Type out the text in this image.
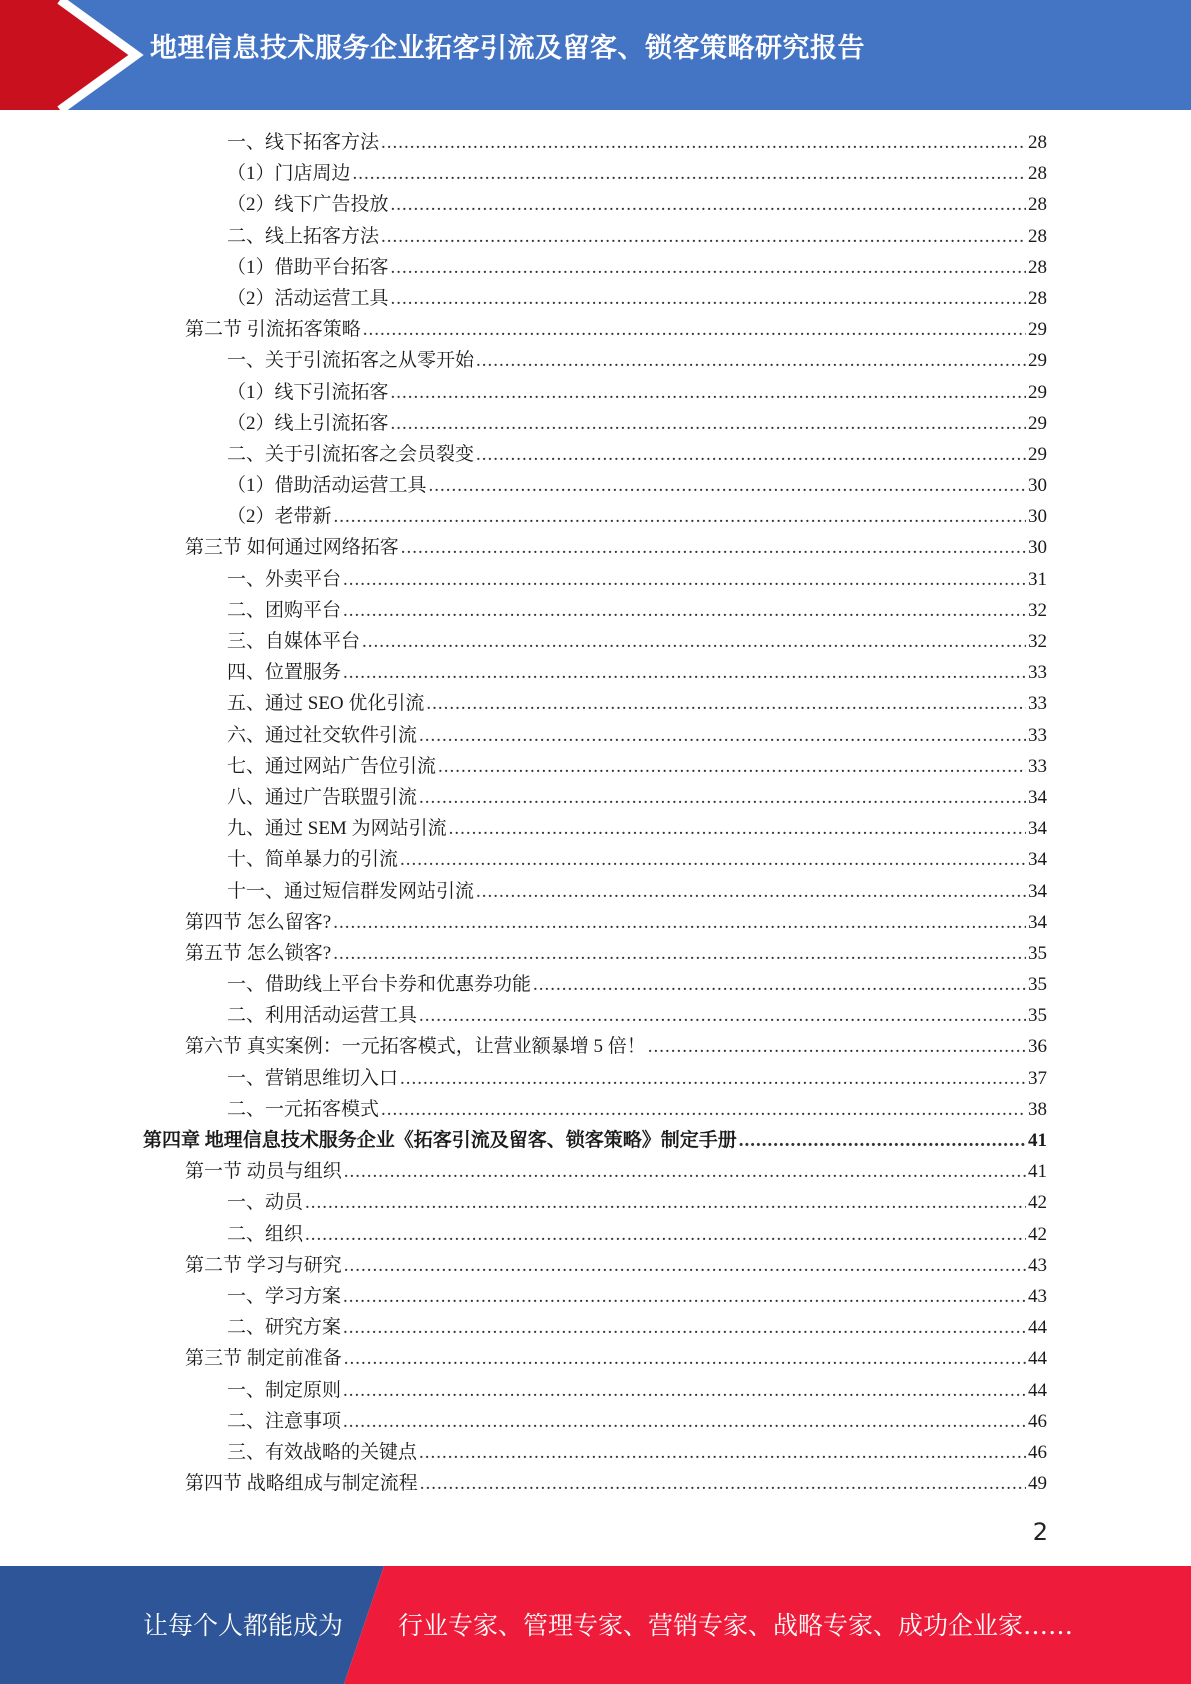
地理信息技术服务企业拓客引流及留客、锁客策略研究报告
一、线下拓客方法 .....	28
（1）门店周边 .....	28
（2）线下广告投放 .....	28
二、线上拓客方法 .....	28
（1）借助平台拓客 .....	28
（2）活动运营工具 .....	28
第二节 引流拓客策略 .....	29
一、关于引流拓客之从零开始 .....	29
（1）线下引流拓客 .....	29
（2）线上引流拓客 .....	29
二、关于引流拓客之会员裂变 .....	29
（1）借助活动运营工具 .....	30
（2）老带新 .....	30
第三节 如何通过网络拓客 .....	30
一、外卖平台 .....	31
二、团购平台 .....	32
三、自媒体平台 .....	32
四、位置服务 .....	33
五、通过 SEO 优化引流 .....	33
六、通过社交软件引流 .....	33
七、通过网站广告位引流 .....	33
八、通过广告联盟引流 .....	34
九、通过 SEM 为网站引流 .....	34
十、简单暴力的引流 .....	34
十一、通过短信群发网站引流 .....	34
第四节 怎么留客? .....	34
第五节 怎么锁客? .....	35
一、借助线上平台卡券和优惠券功能 .....	35
二、利用活动运营工具 .....	35
第六节 真实案例：一元拓客模式，让营业额暴增 5 倍！ .....	36
一、营销思维切入口 .....	37
二、一元拓客模式 .....	38
第四章 地理信息技术服务企业《拓客引流及留客、锁客策略》制定手册 .....	41
第一节 动员与组织 .....	41
一、动员 .....	42
二、组织 .....	42
第二节 学习与研究 .....	43
一、学习方案 .....	43
二、研究方案 .....	44
第三节 制定前准备 .....	44
一、制定原则 .....	44
二、注意事项 .....	46
三、有效战略的关键点 .....	46
第四节 战略组成与制定流程 .....	49
2
让每个人都能成为 行业专家、管理专家、营销专家、战略专家、成功企业家……
